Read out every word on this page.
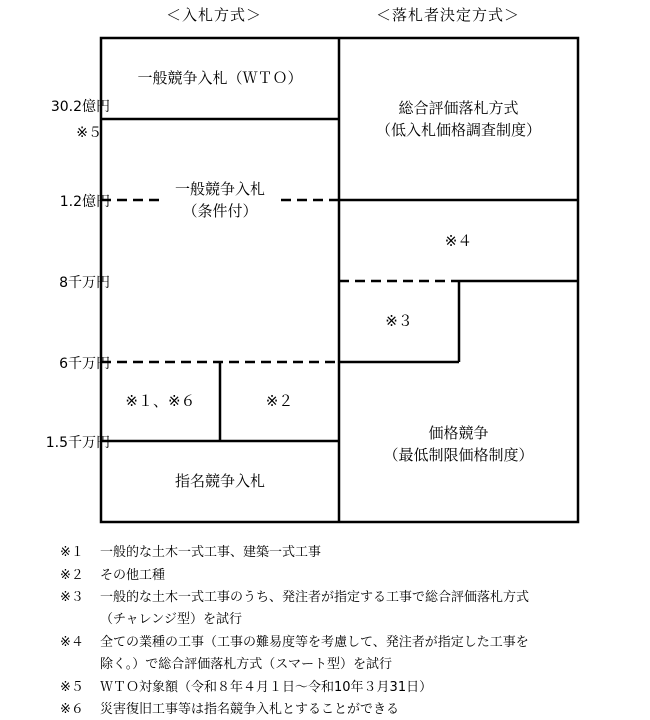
＜入札方式＞	＜落札者決定方式＞
30.2億円
※５
1.2億円
8千万円
6千万円
1.5千万円
一般競争入札（ＷＴＯ）
一般競争入札
（条件付）
※１、※６	※２
指名競争入札
総合評価落札方式
（低入札価格調査制度）
※４
※３
価格競争
（最低制限価格制度）
※１ 一般的な土木一式工事、建築一式工事
※２ その他工種
※３ 一般的な土木一式工事のうち、発注者が指定する工事で総合評価落札方式
（チャレンジ型）を試行
※４ 全ての業種の工事（工事の難易度等を考慮して、発注者が指定した工事を
除く。）で総合評価落札方式（スマート型）を試行
※５ ＷＴＯ対象額（令和８年４月１日～令和10年３月31日）
※６ 災害復旧工事等は指名競争入札とすることができる
